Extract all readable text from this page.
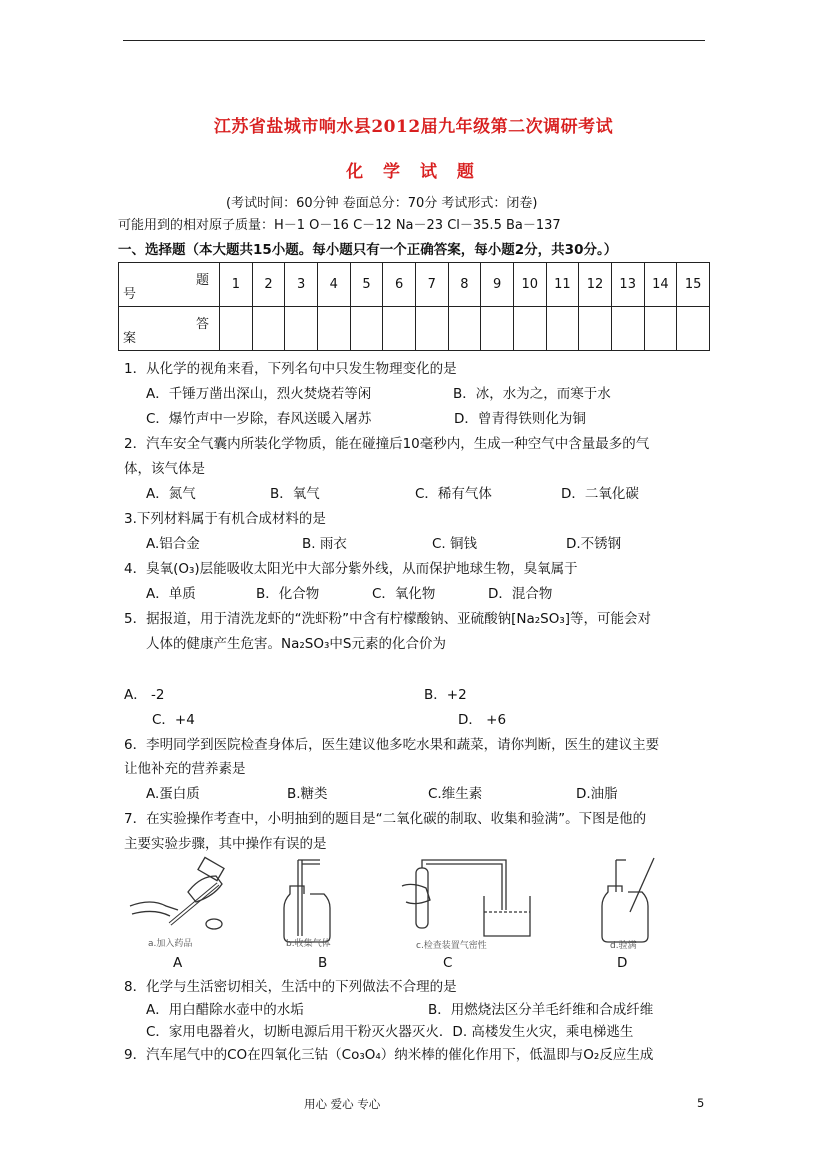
江苏省盐城市响水县2012届九年级第二次调研考试
化 学 试 题
(考试时间：60分钟 卷面总分：70分 考试形式：闭卷)
可能用到的相对原子质量：H－1 O－16 C－12 Na－23 Cl－35.5 Ba－137
一、选择题（本大题共15小题。每小题只有一个正确答案，每小题2分，共30分。）
题
号	1	2	3	4	5	6	7	8	9	10	11	12	13	14	15

答
案															

1．从化学的视角来看，下列名句中只发生物理变化的是
A．千锤万凿出深山，烈火焚烧若等闲	B．冰，水为之，而寒于水
C．爆竹声中一岁除，春风送暖入屠苏	D．曾青得铁则化为铜
2．汽车安全气囊内所装化学物质，能在碰撞后10毫秒内，生成一种空气中含量最多的气
体，该气体是
A．氮气	B．氧气	C．稀有气体	D．二氧化碳
3.下列材料属于有机合成材料的是
A.铝合金	B. 雨衣	C. 铜钱	D.不锈钢
4．臭氧(O₃)层能吸收太阳光中大部分紫外线，从而保护地球生物，臭氧属于
A．单质	B．化合物	C．氧化物	D．混合物
5．据报道，用于清洗龙虾的“洗虾粉”中含有柠檬酸钠、亚硫酸钠[Na₂SO₃]等，可能会对
人体的健康产生危害。Na₂SO₃中S元素的化合价为
A． -2	B．+2
C．+4	D． +6
6．李明同学到医院检查身体后，医生建议他多吃水果和蔬菜，请你判断，医生的建议主要
让他补充的营养素是
A.蛋白质	B.糖类	C.维生素	D.油脂
7．在实验操作考查中，小明抽到的题目是“二氧化碳的制取、收集和验满”。下图是他的
主要实验步骤，其中操作有误的是
a.加入药品	b.收集气体	c.检查装置气密性	d.验满
A	B	C	D
8．化学与生活密切相关，生活中的下列做法不合理的是
A．用白醋除水壶中的水垢	B．用燃烧法区分羊毛纤维和合成纤维
C．家用电器着火，切断电源后用干粉灭火器灭火．D. 高楼发生火灾，乘电梯逃生
9．汽车尾气中的CO在四氧化三钴（Co₃O₄）纳米棒的催化作用下，低温即与O₂反应生成
用心 爱心 专心	5
